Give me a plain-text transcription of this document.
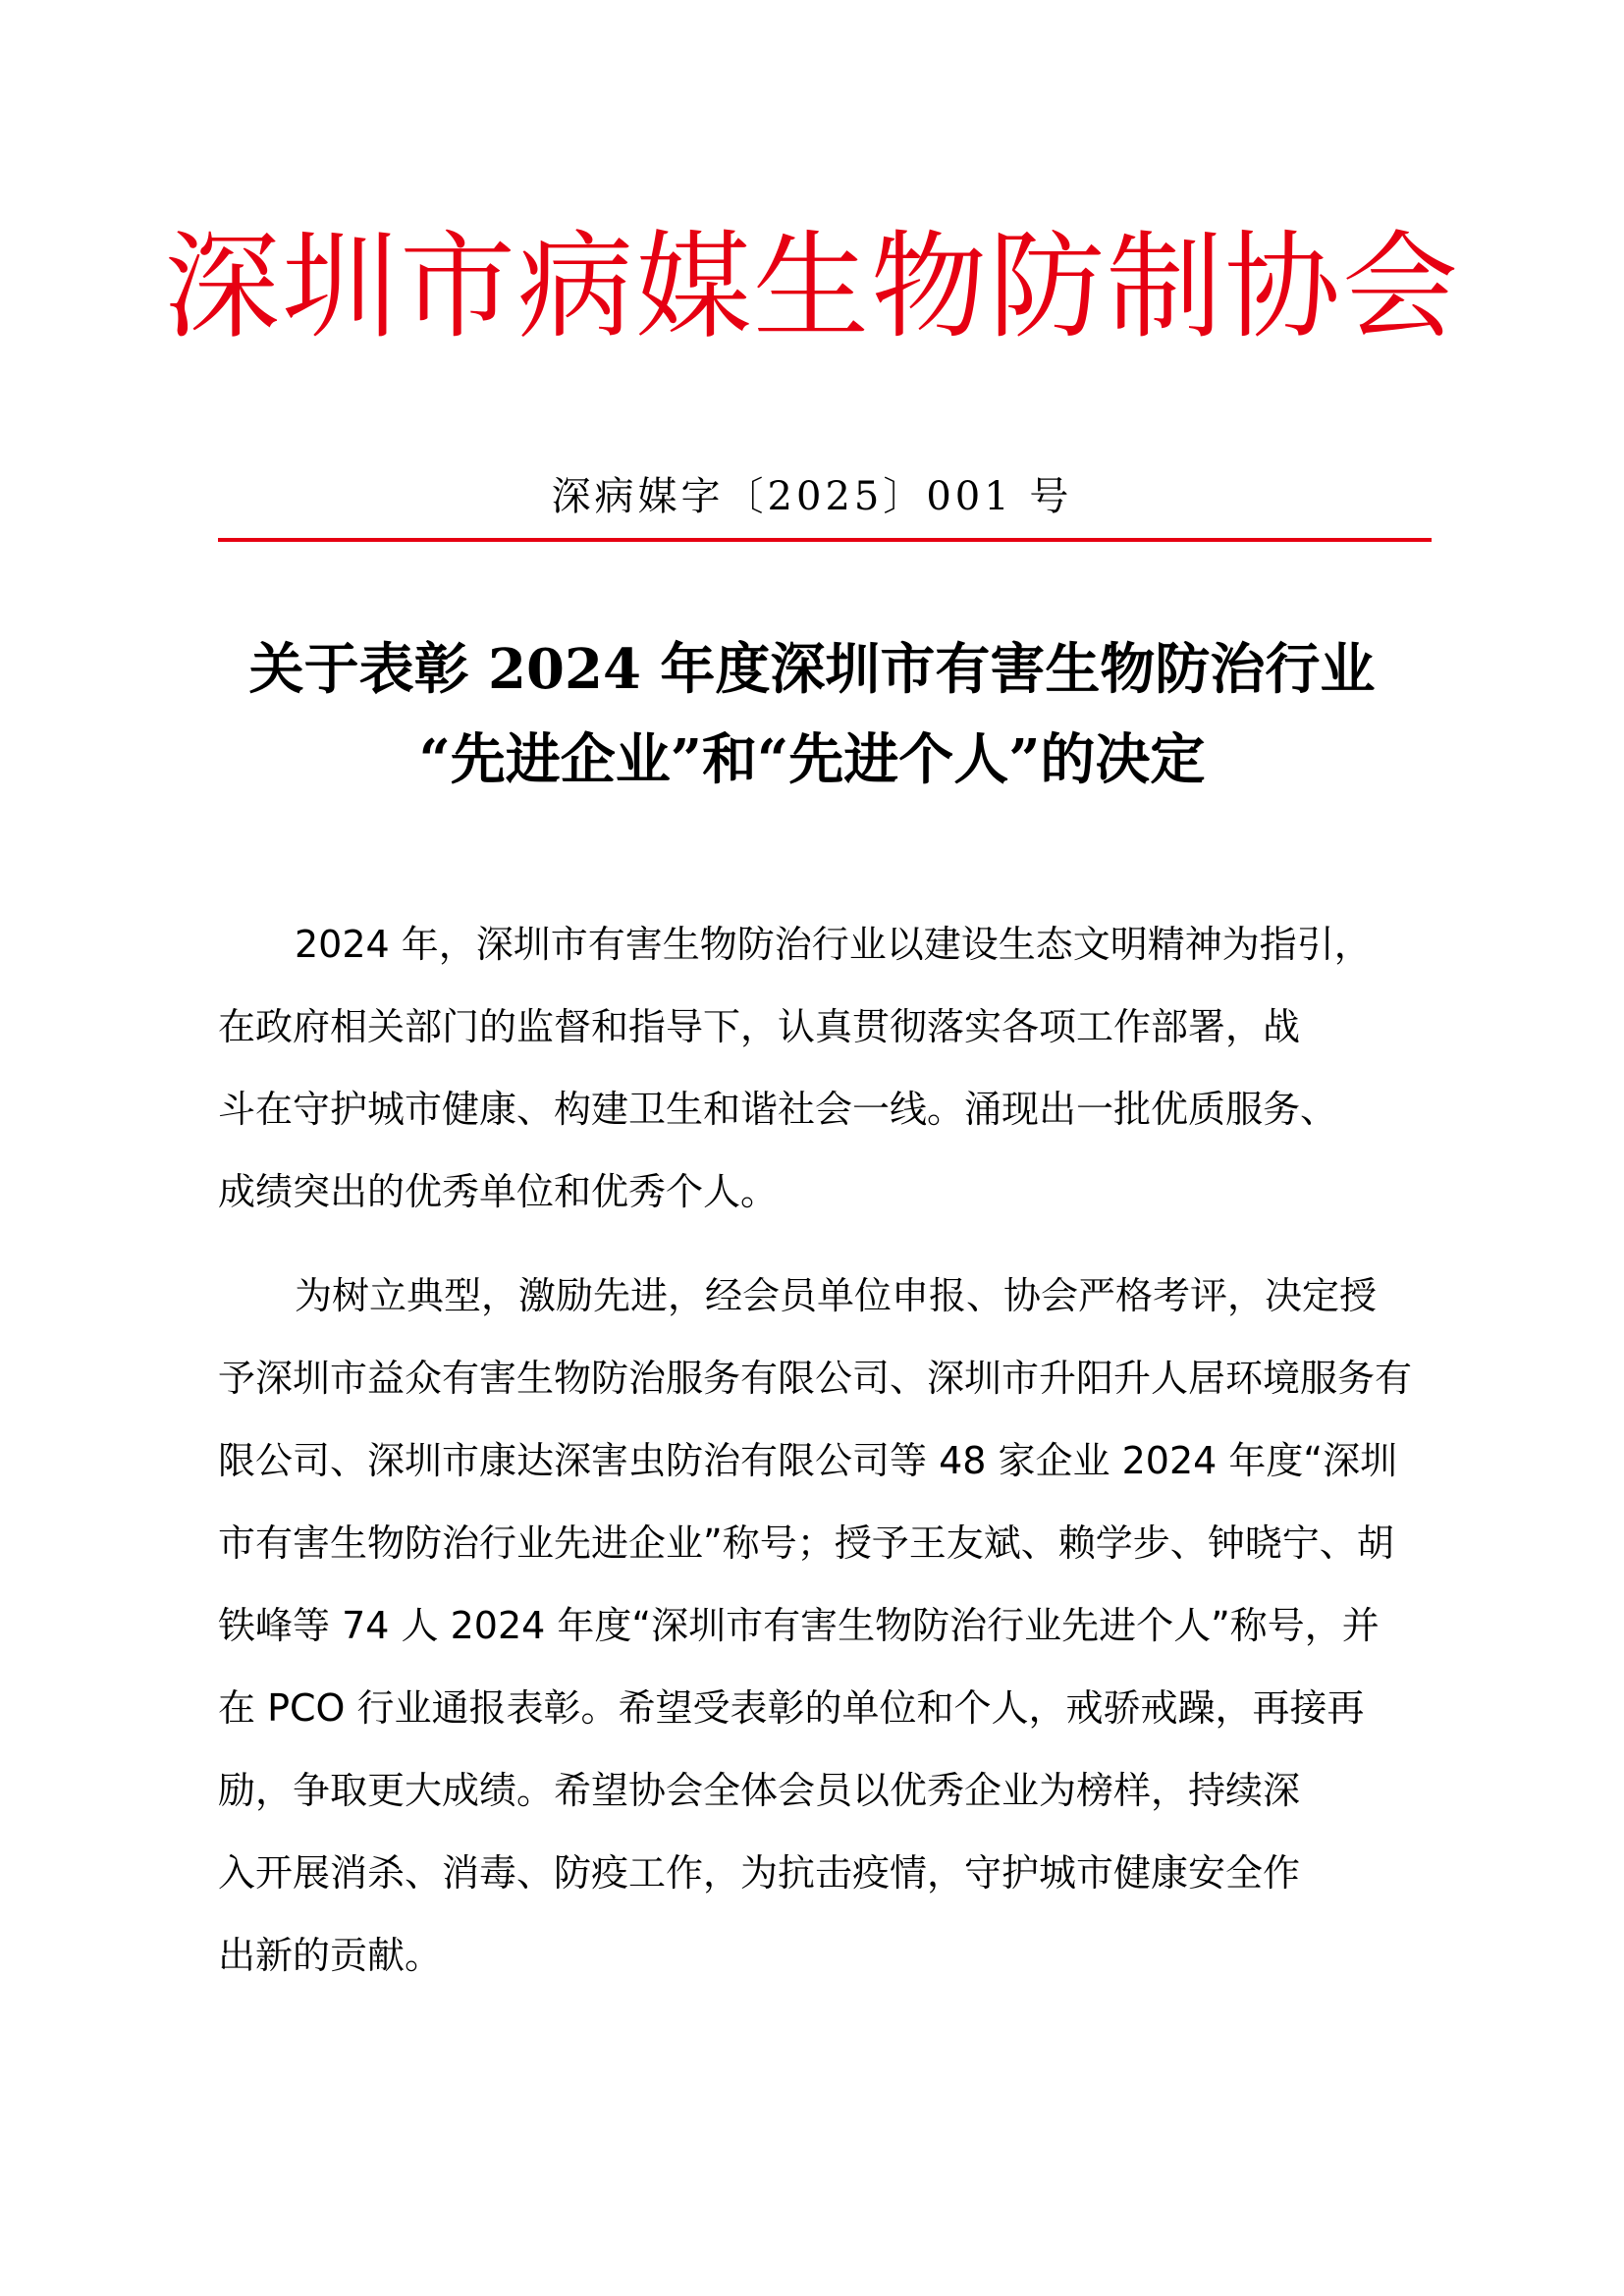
深圳市病媒生物防制协会
深病媒字〔2025〕001 号
关于表彰 2024 年度深圳市有害生物防治行业
“先进企业”和“先进个人”的决定
2024 年，深圳市有害生物防治行业以建设生态文明精神为指引，
在政府相关部门的监督和指导下，认真贯彻落实各项工作部署，战
斗在守护城市健康、构建卫生和谐社会一线。涌现出一批优质服务、
成绩突出的优秀单位和优秀个人。
为树立典型，激励先进，经会员单位申报、协会严格考评，决定授
予深圳市益众有害生物防治服务有限公司、深圳市升阳升人居环境服务有
限公司、深圳市康达深害虫防治有限公司等 48 家企业 2024 年度“深圳
市有害生物防治行业先进企业”称号；授予王友斌、赖学步、钟晓宁、胡
铁峰等 74 人 2024 年度“深圳市有害生物防治行业先进个人”称号，并
在 PCO 行业通报表彰。希望受表彰的单位和个人，戒骄戒躁，再接再
励，争取更大成绩。希望协会全体会员以优秀企业为榜样，持续深
入开展消杀、消毒、防疫工作，为抗击疫情，守护城市健康安全作
出新的贡献。
